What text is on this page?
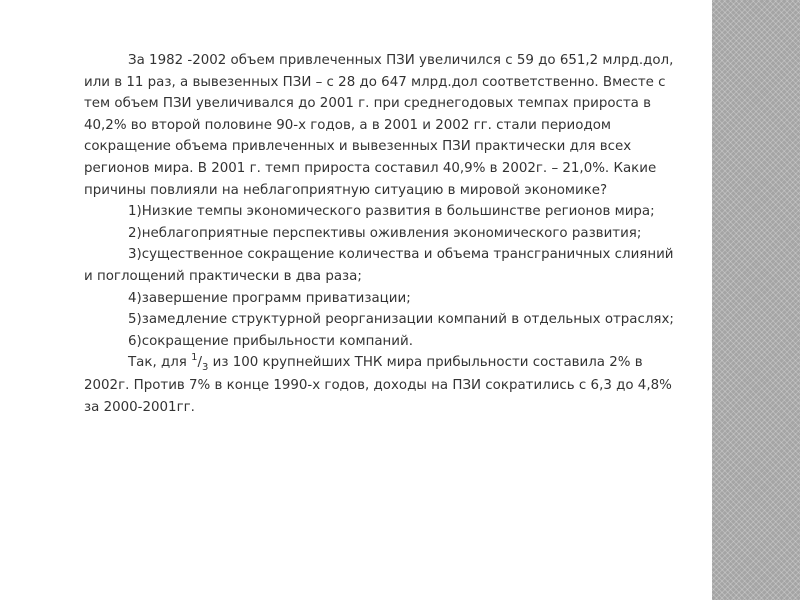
За 1982 -2002 объем привлеченных ПЗИ увеличился с 59 до 651,2 млрд.дол, или в 11 раз, а вывезенных ПЗИ – с 28 до 647 млрд.дол соответственно. Вместе с тем объем ПЗИ увеличивался до 2001 г. при среднегодовых темпах прироста в 40,2% во второй половине 90-х годов, а в 2001 и 2002 гг. стали периодом сокращение объема привлеченных и вывезенных ПЗИ практически для всех регионов мира. В 2001 г. темп прироста составил 40,9% в 2002г. – 21,0%. Какие причины повлияли на неблагоприятную ситуацию в мировой экономике?

1)Низкие темпы экономического развития в большинстве регионов мира;

2)неблагоприятные перспективы оживления экономического развития;

3)существенное сокращение количества и объема трансграничных слияний и поглощений практически в два раза;

4)завершение программ приватизации;

5)замедление структурной реорганизации компаний в отдельных отраслях;

6)сокращение прибыльности компаний.

Так, для $^1/_3$ из 100 крупнейших ТНК мира прибыльности составила 2% в 2002г. Против 7% в конце 1990-х годов, доходы на ПЗИ сократились с 6,3 до 4,8% за 2000-2001гг.
